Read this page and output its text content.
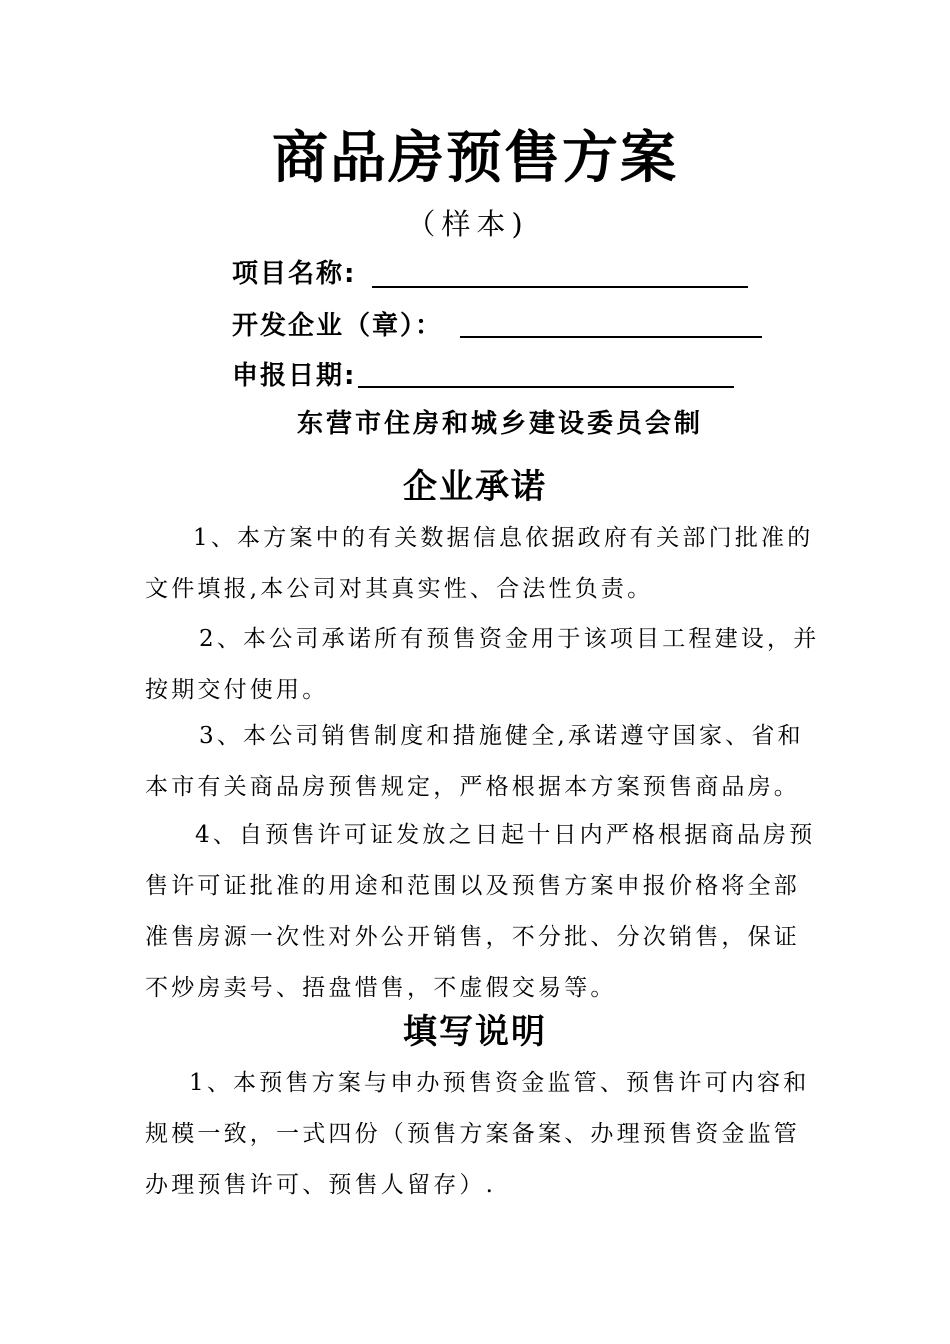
商品房预售方案
（样本)
项目名称:
开发企业（章）：
申报日期:
东营市住房和城乡建设委员会制
企业承诺
1、本方案中的有关数据信息依据政府有关部门批准的
文件填报,本公司对其真实性、合法性负责。
2、本公司承诺所有预售资金用于该项目工程建设，并
按期交付使用。
3、本公司销售制度和措施健全,承诺遵守国家、省和
本市有关商品房预售规定，严格根据本方案预售商品房。
4、自预售许可证发放之日起十日内严格根据商品房预
售许可证批准的用途和范围以及预售方案申报价格将全部
准售房源一次性对外公开销售，不分批、分次销售，保证
不炒房卖号、捂盘惜售，不虚假交易等。
填写说明
1、本预售方案与申办预售资金监管、预售许可内容和
规模一致，一式四份（预售方案备案、办理预售资金监管
办理预售许可、预售人留存）.
